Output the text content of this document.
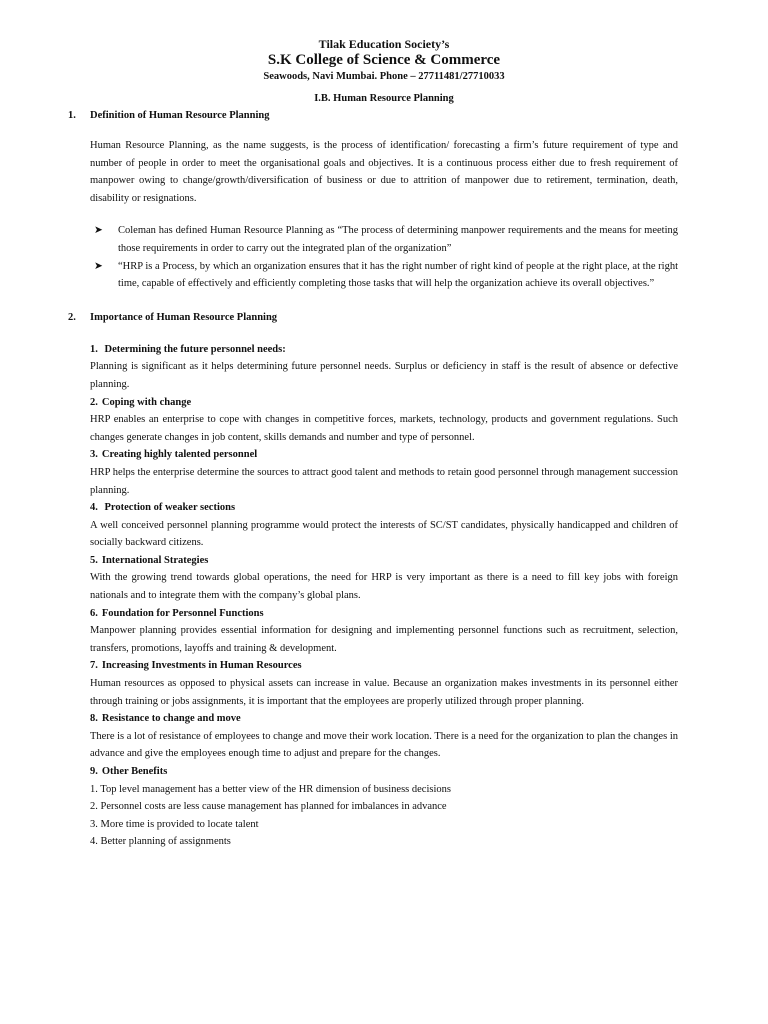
Tilak Education Society’s
S.K College of Science & Commerce
Seawoods, Navi Mumbai. Phone – 27711481/27710033
I.B. Human Resource Planning
1. Definition of Human Resource Planning

Human Resource Planning, as the name suggests, is the process of identification/ forecasting a firm’s future requirement of type and number of people in order to meet the organisational goals and objectives. It is a continuous process either due to fresh requirement of manpower owing to change/growth/diversification of business or due to attrition of manpower due to retirement, termination, death, disability or resignations.

➤ Coleman has defined Human Resource Planning as “The process of determining manpower requirements and the means for meeting those requirements in order to carry out the integrated plan of the organization”
➤ “HRP is a Process, by which an organization ensures that it has the right number of right kind of people at the right place, at the right time, capable of effectively and efficiently completing those tasks that will help the organization achieve its overall objectives.”
2. Importance of Human Resource Planning
1. Determining the future personnel needs:

Planning is significant as it helps determining future personnel needs. Surplus or deficiency in staff is the result of absence or defective planning.

2. Coping with change

HRP enables an enterprise to cope with changes in competitive forces, markets, technology, products and government regulations. Such changes generate changes in job content, skills demands and number and type of personnel.

3. Creating highly talented personnel

HRP helps the enterprise determine the sources to attract good talent and methods to retain good personnel through management succession planning.

4. Protection of weaker sections

A well conceived personnel planning programme would protect the interests of SC/ST candidates, physically handicapped and children of socially backward citizens.

5. International Strategies

With the growing trend towards global operations, the need for HRP is very important as there is a need to fill key jobs with foreign nationals and to integrate them with the company’s global plans.

6. Foundation for Personnel Functions

Manpower planning provides essential information for designing and implementing personnel functions such as recruitment, selection, transfers, promotions, layoffs and training & development.

7. Increasing Investments in Human Resources

Human resources as opposed to physical assets can increase in value. Because an organization makes investments in its personnel either through training or jobs assignments, it is important that the employees are properly utilized through proper planning.

8. Resistance to change and move

There is a lot of resistance of employees to change and move their work location. There is a need for the organization to plan the changes in advance and give the employees enough time to adjust and prepare for the changes.

9. Other Benefits
1. Top level management has a better view of the HR dimension of business decisions
2. Personnel costs are less cause management has planned for imbalances in advance
3. More time is provided to locate talent
4. Better planning of assignments
